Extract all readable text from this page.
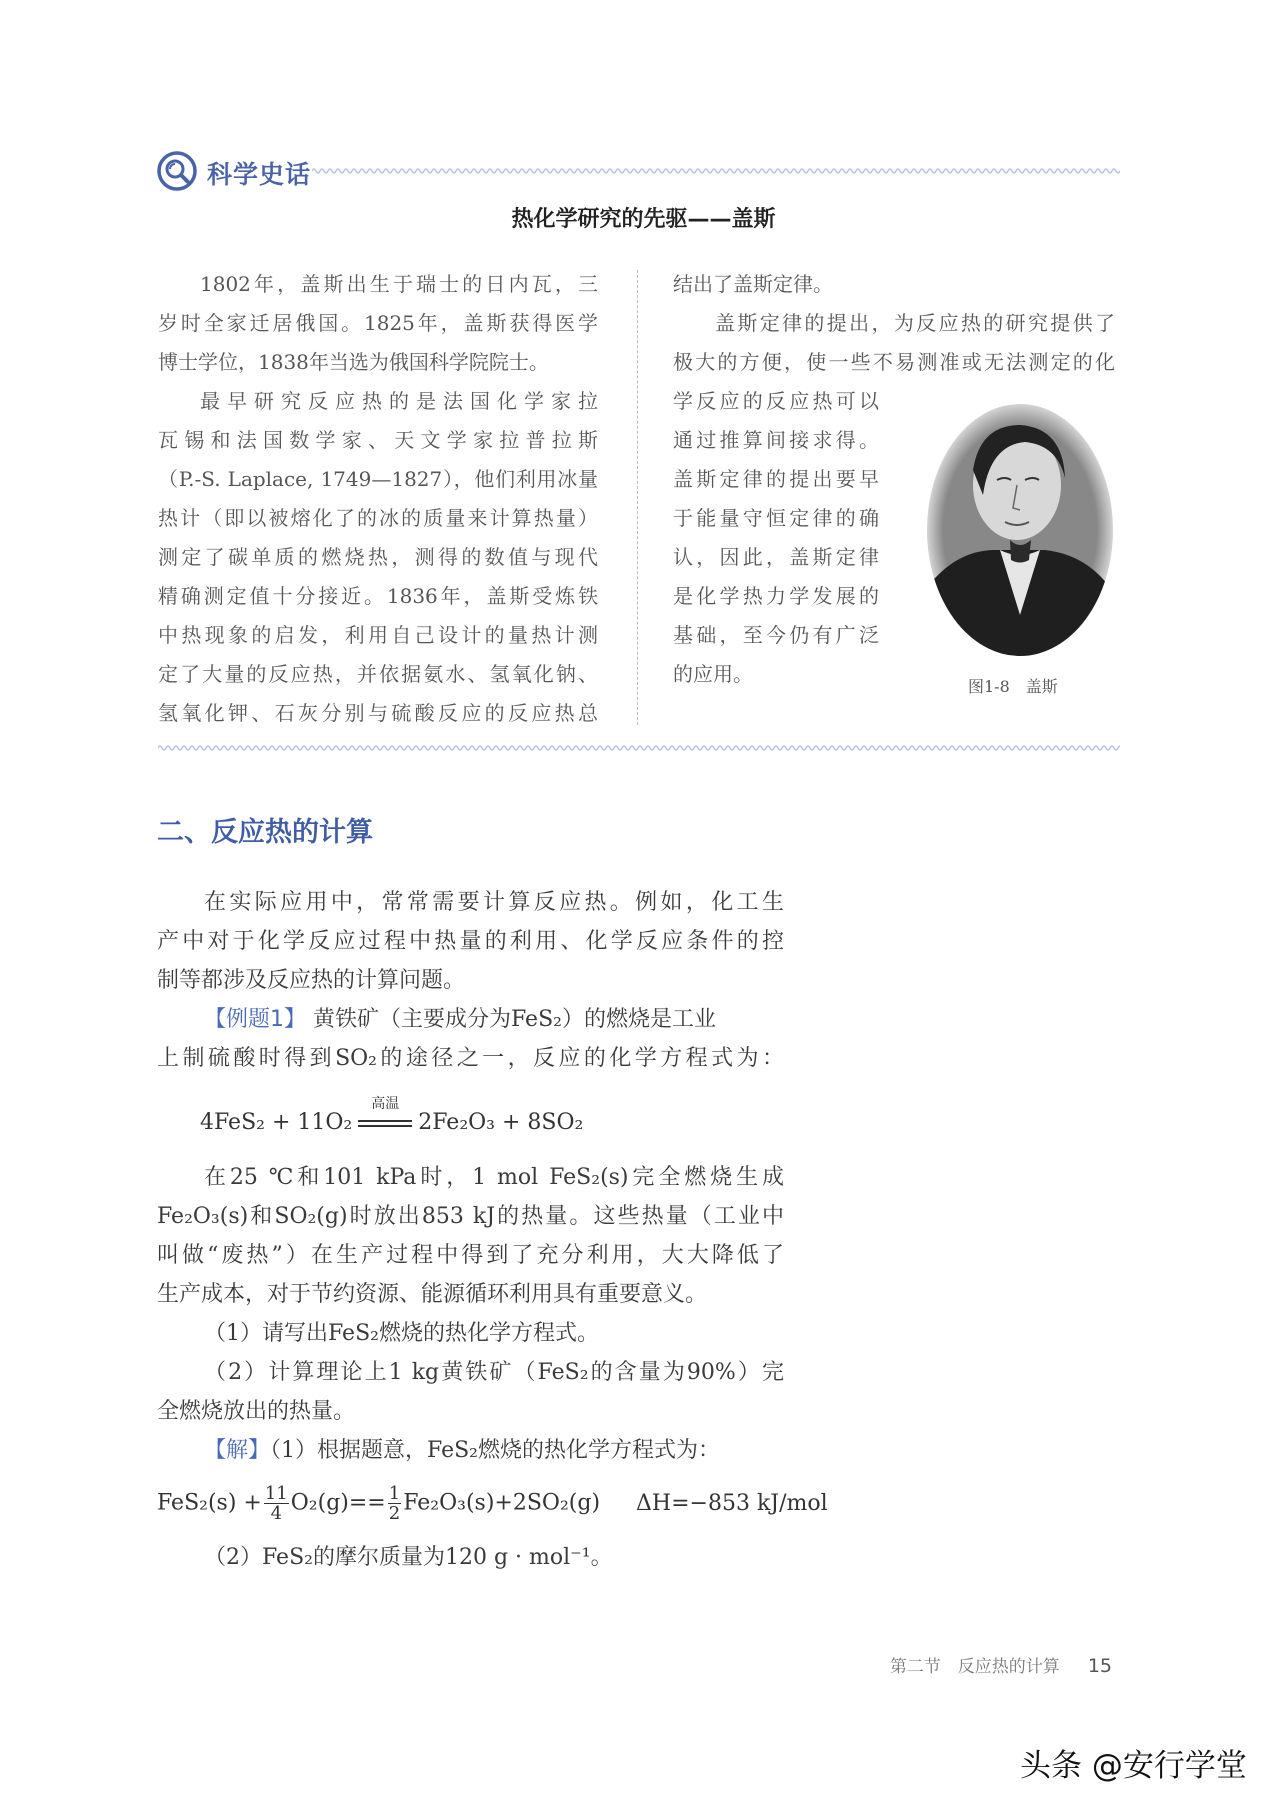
科学史话
热化学研究的先驱——盖斯
1802年，盖斯出生于瑞士的日内瓦，三
岁时全家迁居俄国。1825年，盖斯获得医学
博士学位，1838年当选为俄国科学院院士。
最早研究反应热的是法国化学家拉
瓦锡和法国数学家、天文学家拉普拉斯
（P.-S. Laplace, 1749—1827），他们利用冰量
热计（即以被熔化了的冰的质量来计算热量）
测定了碳单质的燃烧热，测得的数值与现代
精确测定值十分接近。1836年，盖斯受炼铁
中热现象的启发，利用自己设计的量热计测
定了大量的反应热，并依据氨水、氢氧化钠、
氢氧化钾、石灰分别与硫酸反应的反应热总
结出了盖斯定律。
盖斯定律的提出，为反应热的研究提供了
极大的方便，使一些不易测准或无法测定的化
学反应的反应热可以
通过推算间接求得。
盖斯定律的提出要早
于能量守恒定律的确
认，因此，盖斯定律
是化学热力学发展的
基础，至今仍有广泛
的应用。
图1-8　盖斯
二、反应热的计算
在实际应用中，常常需要计算反应热。例如，化工生
产中对于化学反应过程中热量的利用、化学反应条件的控
制等都涉及反应热的计算问题。
【例题1】 黄铁矿（主要成分为FeS₂）的燃烧是工业
上制硫酸时得到SO₂的途径之一，反应的化学方程式为：
4FeS₂ + 11O₂
高温
2Fe₂O₃ + 8SO₂
在25 ℃和101 kPa时，1 mol FeS₂(s)完全燃烧生成
Fe₂O₃(s)和SO₂(g)时放出853 kJ的热量。这些热量（工业中
叫做“废热”）在生产过程中得到了充分利用，大大降低了
生产成本，对于节约资源、能源循环利用具有重要意义。
（1）请写出FeS₂燃烧的热化学方程式。
（2）计算理论上1 kg黄铁矿（FeS₂的含量为90%）完
全燃烧放出的热量。
【解】（1）根据题意，FeS₂燃烧的热化学方程式为：
$FeS_2(s) + \frac{11}{4} O_2(g)== \frac{1}{2} Fe_2O_3(s)+2SO_2(g)$ ΔH=−853 kJ/mol
（2）FeS₂的摩尔质量为120 g · mol⁻¹。
第二节　反应热的计算 15
头条 @安行学堂
